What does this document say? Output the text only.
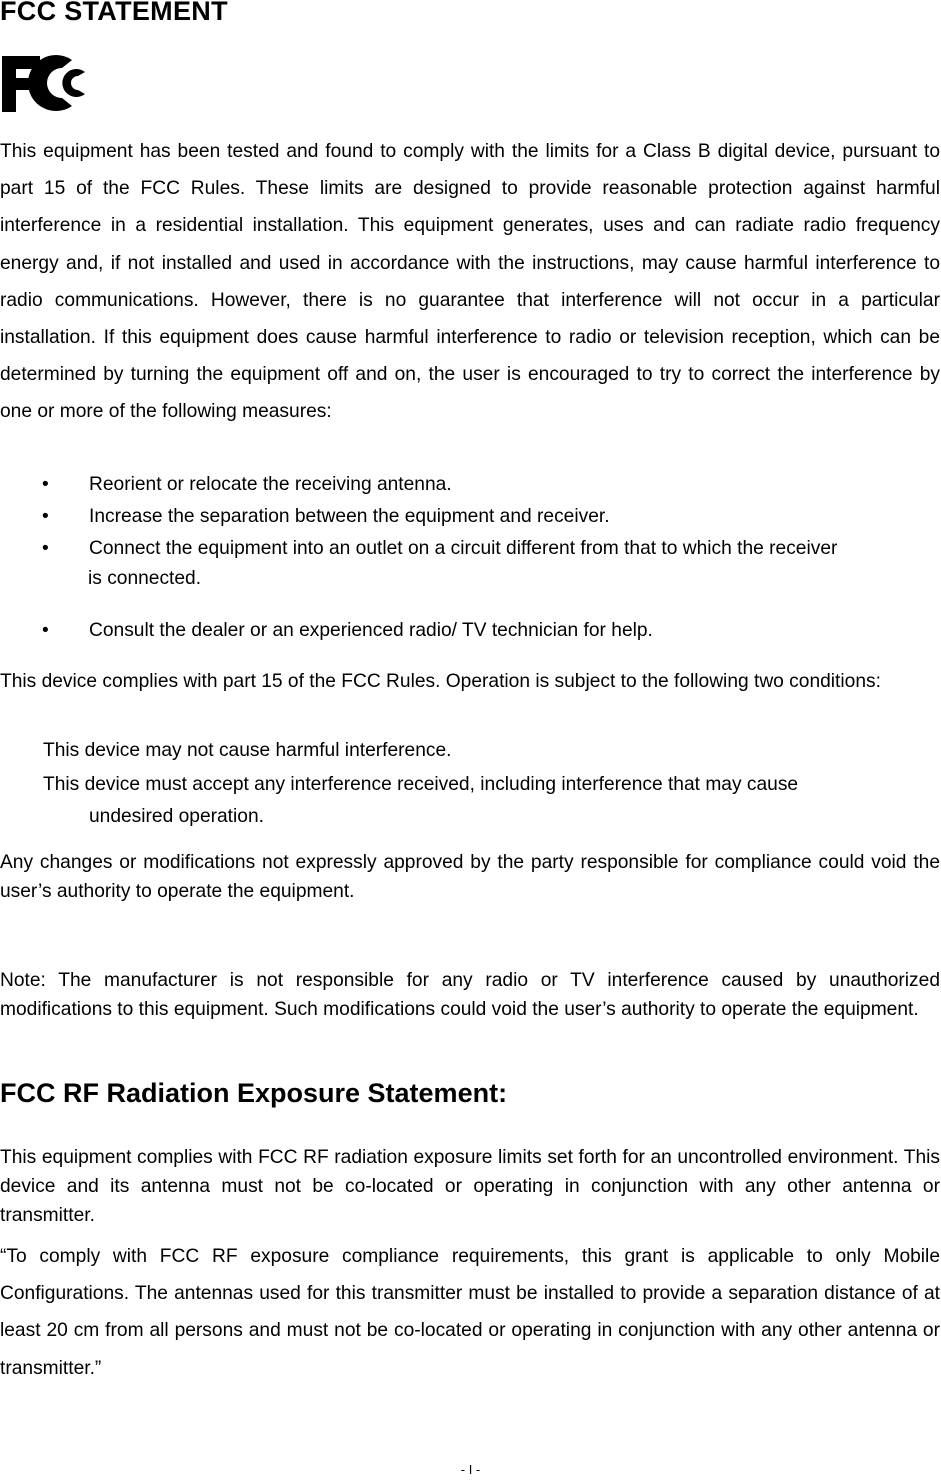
FCC STATEMENT

This equipment has been tested and found to comply with the limits for a Class B digital device, pursuant to part 15 of the FCC Rules. These limits are designed to provide reasonable protection against harmful interference in a residential installation. This equipment generates, uses and can radiate radio frequency energy and, if not installed and used in accordance with the instructions, may cause harmful interference to radio communications. However, there is no guarantee that interference will not occur in a particular installation. If this equipment does cause harmful interference to radio or television reception, which can be determined by turning the equipment off and on, the user is encouraged to try to correct the interference by one or more of the following measures:

• Reorient or relocate the receiving antenna.
• Increase the separation between the equipment and receiver.
• Connect the equipment into an outlet on a circuit different from that to which the receiver
is connected.
• Consult the dealer or an experienced radio/ TV technician for help.

This device complies with part 15 of the FCC Rules. Operation is subject to the following two conditions:

This device may not cause harmful interference.
This device must accept any interference received, including interference that may cause
undesired operation.

Any changes or modifications not expressly approved by the party responsible for compliance could void the user’s authority to operate the equipment.

Note: The manufacturer is not responsible for any radio or TV interference caused by unauthorized modifications to this equipment. Such modifications could void the user’s authority to operate the equipment.

FCC RF Radiation Exposure Statement:

This equipment complies with FCC RF radiation exposure limits set forth for an uncontrolled environment. This device and its antenna must not be co-located or operating in conjunction with any other antenna or transmitter.

“To comply with FCC RF exposure compliance requirements, this grant is applicable to only Mobile Configurations. The antennas used for this transmitter must be installed to provide a separation distance of at least 20 cm from all persons and must not be co-located or operating in conjunction with any other antenna or transmitter.”

- I -
